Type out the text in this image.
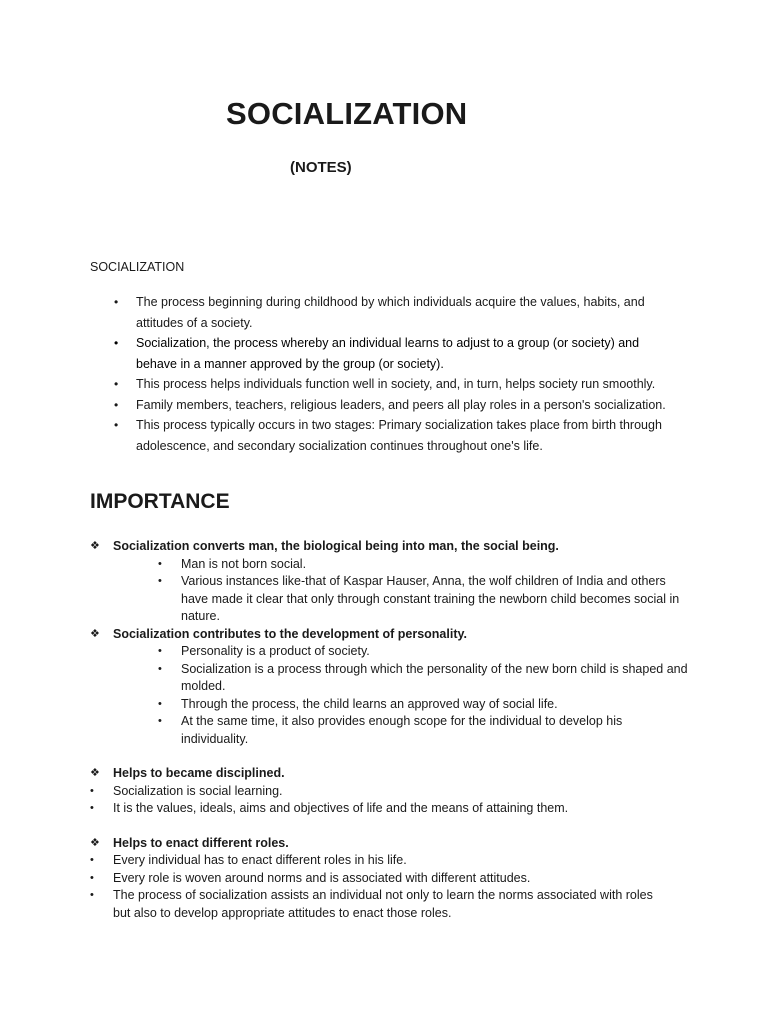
SOCIALIZATION

(NOTES)

SOCIALIZATION

• The process beginning during childhood by which individuals acquire the values, habits, and attitudes of a society.
• Socialization, the process whereby an individual learns to adjust to a group (or society) and behave in a manner approved by the group (or society).
• This process helps individuals function well in society, and, in turn, helps society run smoothly.
• Family members, teachers, religious leaders, and peers all play roles in a person's socialization.
• This process typically occurs in two stages: Primary socialization takes place from birth through adolescence, and secondary socialization continues throughout one's life.
IMPORTANCE

❖ Socialization converts man, the biological being into man, the social being.

• Man is not born social.
• Various instances like-that of Kaspar Hauser, Anna, the wolf children of India and others have made it clear that only through constant training the newborn child becomes social in nature.

❖ Socialization contributes to the development of personality.

• Personality is a product of society.
• Socialization is a process through which the personality of the new born child is shaped and molded.
• Through the process, the child learns an approved way of social life.
• At the same time, it also provides enough scope for the individual to develop his individuality.

❖ Helps to became disciplined.

• Socialization is social learning.
• It is the values, ideals, aims and objectives of life and the means of attaining them.

❖ Helps to enact different roles.

• Every individual has to enact different roles in his life.
• Every role is woven around norms and is associated with different attitudes.
• The process of socialization assists an individual not only to learn the norms associated with roles but also to develop appropriate attitudes to enact those roles.
